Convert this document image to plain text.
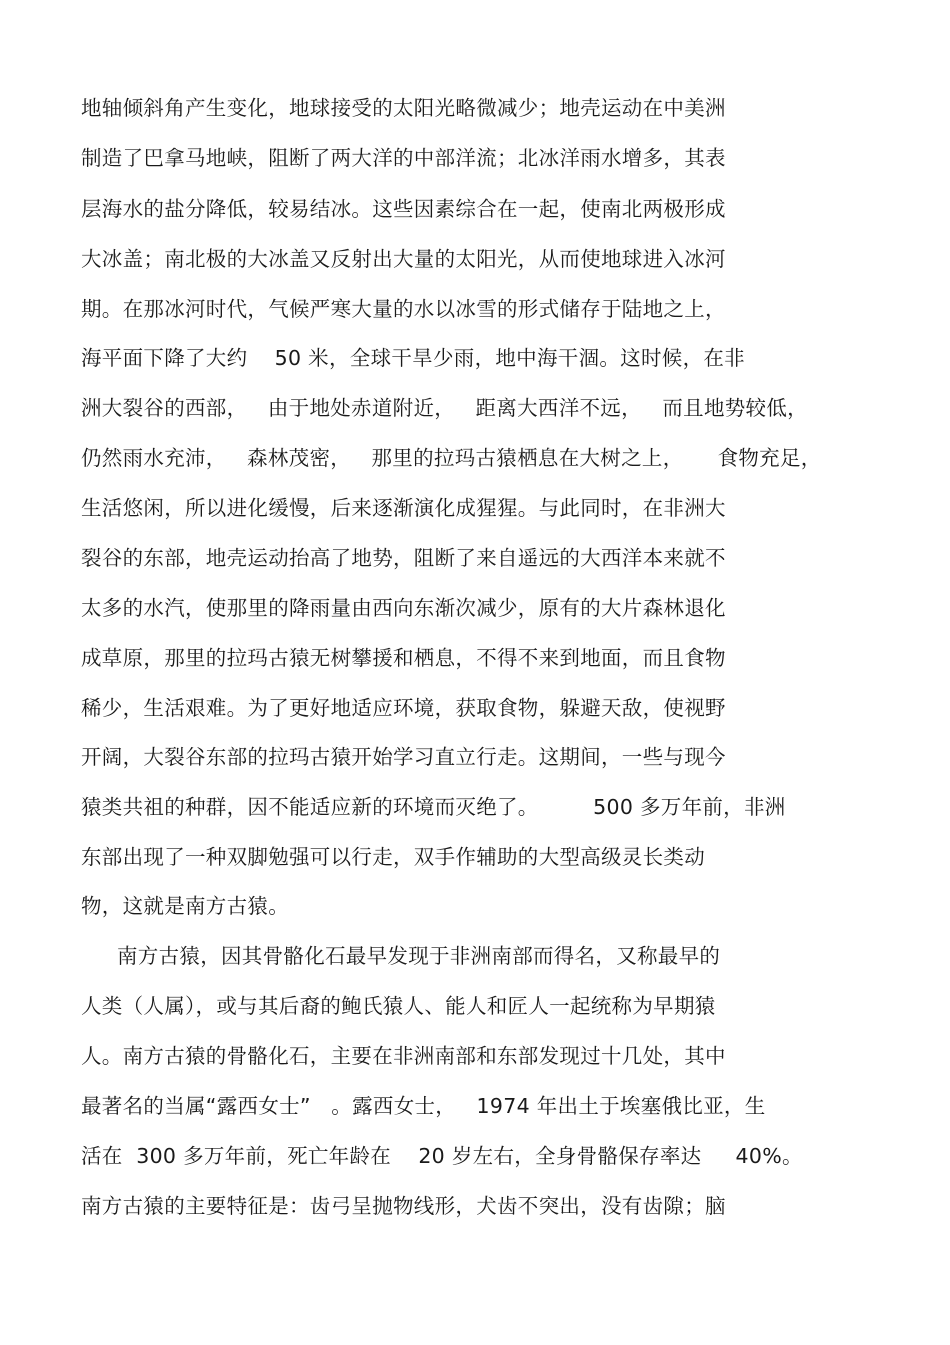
地轴倾斜角产生变化，地球接受的太阳光略微减少；地壳运动在中美洲
制造了巴拿马地峡，阻断了两大洋的中部洋流；北冰洋雨水增多，其表
层海水的盐分降低，较易结冰。这些因素综合在一起，使南北两极形成
大冰盖；南北极的大冰盖又反射出大量的太阳光，从而使地球进入冰河
期。在那冰河时代，气候严寒大量的水以冰雪的形式储存于陆地之上，
海平面下降了大约    50 米，全球干旱少雨，地中海干涸。这时候，在非
洲大裂谷的西部，   由于地处赤道附近，   距离大西洋不远，   而且地势较低，
仍然雨水充沛，   森林茂密，   那里的拉玛古猿栖息在大树之上，     食物充足，
生活悠闲，所以进化缓慢，后来逐渐演化成猩猩。与此同时，在非洲大
裂谷的东部，地壳运动抬高了地势，阻断了来自遥远的大西洋本来就不
太多的水汽，使那里的降雨量由西向东渐次减少，原有的大片森林退化
成草原，那里的拉玛古猿无树攀援和栖息，不得不来到地面，而且食物
稀少，生活艰难。为了更好地适应环境，获取食物，躲避天敌，使视野
开阔，大裂谷东部的拉玛古猿开始学习直立行走。这期间，一些与现今
猿类共祖的种群，因不能适应新的环境而灭绝了。        500 多万年前，非洲
东部出现了一种双脚勉强可以行走，双手作辅助的大型高级灵长类动
物，这就是南方古猿。
南方古猿，因其骨骼化石最早发现于非洲南部而得名，又称最早的
人类（人属），或与其后裔的鲍氏猿人、能人和匠人一起统称为早期猿
人。南方古猿的骨骼化石，主要在非洲南部和东部发现过十几处，其中
最著名的当属“露西女士”   。露西女士，   1974 年出土于埃塞俄比亚，生
活在  300 多万年前，死亡年龄在    20 岁左右，全身骨骼保存率达     40%。
南方古猿的主要特征是：齿弓呈抛物线形，犬齿不突出，没有齿隙；脑
